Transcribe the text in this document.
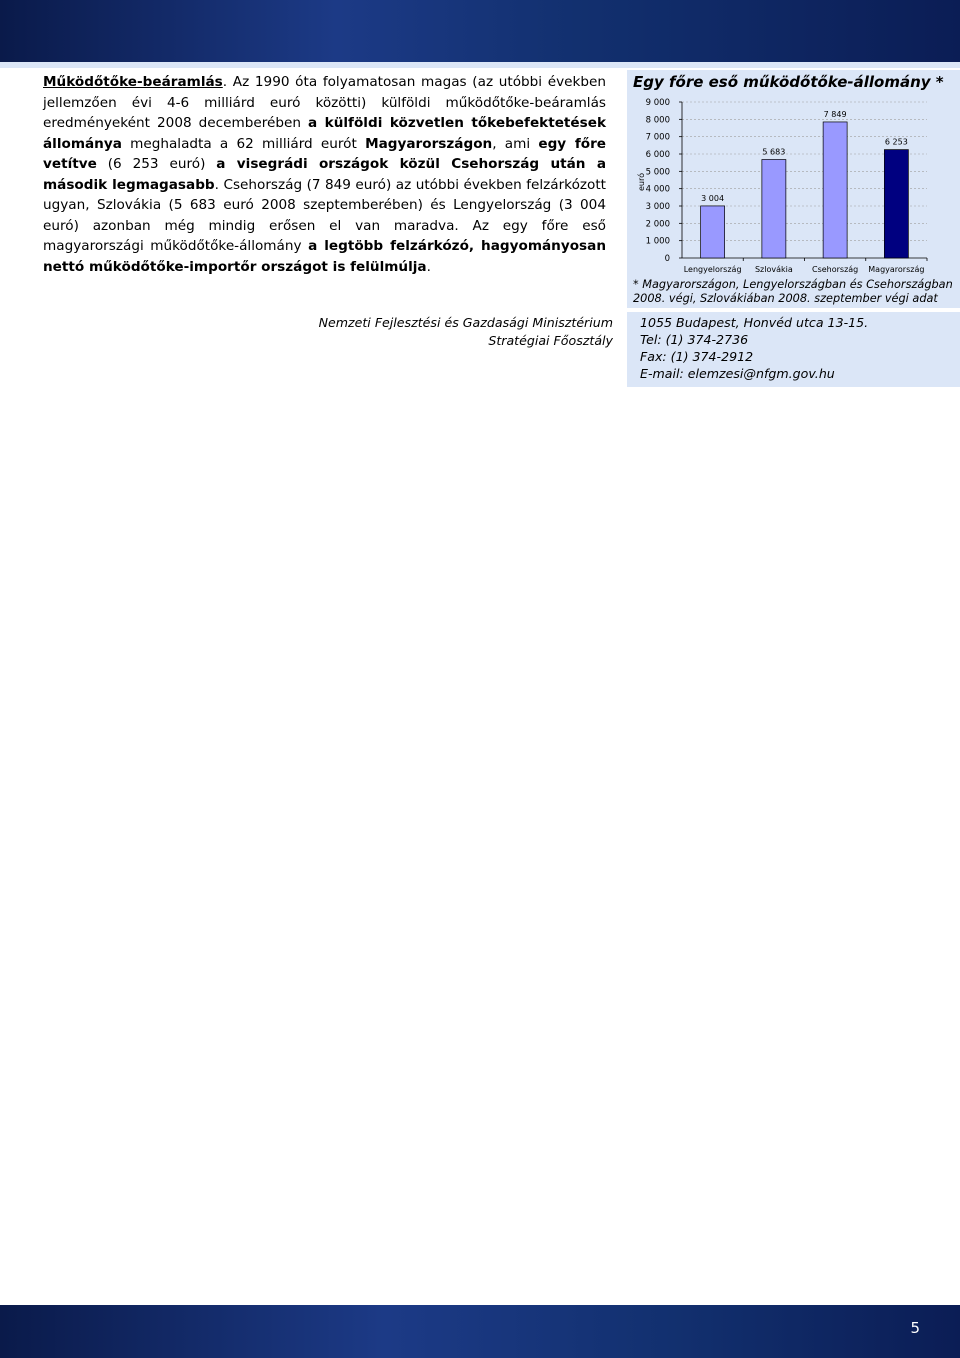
Működőtőke-beáramlás. Az 1990 óta folyamatosan magas (az utóbbi években jellemzően évi 4-6 milliárd euró közötti) külföldi működőtőke-beáramlás eredményeként 2008 decemberében a külföldi közvetlen tőkebefektetések állománya meghaladta a 62 milliárd eurót Magyarországon, ami egy főre vetítve (6 253 euró) a visegrádi országok közül Csehország után a második legmagasabb. Csehország (7 849 euró) az utóbbi években felzárkózott ugyan, Szlovákia (5 683 euró 2008 szeptemberében) és Lengyelország (3 004 euró) azonban még mindig erősen el van maradva. Az egy főre eső magyarországi működőtőke-állomány a legtöbb felzárkózó, hagyományosan nettó működőtőke-importőr országot is felülmúlja.
Nemzeti Fejlesztési és Gazdasági Minisztérium
Stratégiai Főosztály
Egy főre eső működőtőke-állomány *
0
1 000
2 000
3 000
4 000
5 000
6 000
7 000
8 000
9 000
3 004
5 683
7 849
6 253
Lengyelország Szlovákia Csehország Magyarország
euró
* Magyarországon, Lengyelországban és Csehországban 2008. végi, Szlovákiában 2008. szeptember végi adat
1055 Budapest, Honvéd utca 13-15.
Tel: (1) 374-2736
Fax: (1) 374-2912
E-mail: elemzesi@nfgm.gov.hu
5
